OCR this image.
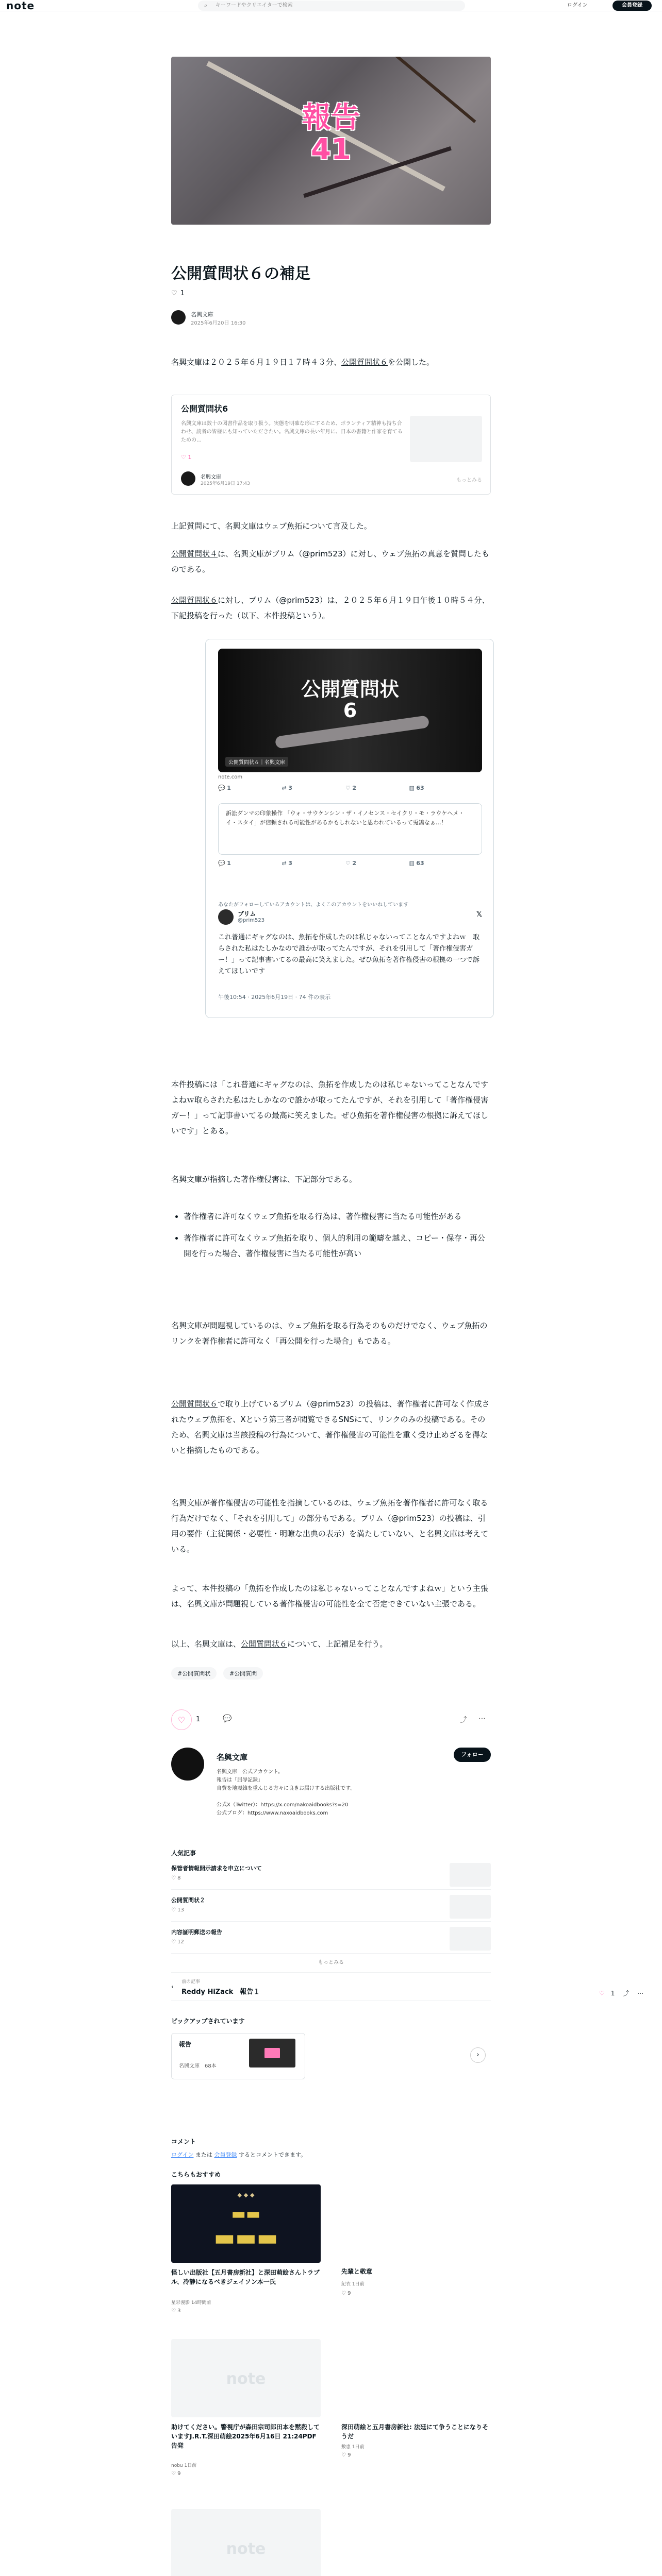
note	⌕ キーワードやクリエイターで検索	ログイン	会員登録
報告
41
公開質問状６の補足
♡ 1
名興文庫
2025年6月20日 16:30

名興文庫は２０２５年６月１９日１７時４３分、公開質問状６を公開した。

公開質問状6
名興文庫は数十の図書作品を取り扱う。実態を明確な形にするため、ボランティア精神も持ち合わせ、読者の皆様にも知っていただきたい。名興文庫の長い年月に、日本の書籍と作家を育てるための…
♡ 1
名興文庫
2025年6月19日 17:43
もっとみる

上記質問にて、名興文庫はウェブ魚拓について言及した。

公開質問状４は、名興文庫がブリム（@prim523）に対し、ウェブ魚拓の真意を質問したものである。

公開質問状６に対し、ブリム（@prim523）は、２０２５年６月１９日午後１０時５４分、下記投稿を行った（以下、本件投稿という）。

公開質問状
6
公開質問状６｜名興文庫
note.com
💬 1	⇄ 3	♡ 2	▥ 63
訴訟ダンマの印象操作 「ウォ・サウケンシン・ザ・イノセンス・セイクリ・モ・ラウケヘメ・イ・スタイ」が信頼される可能性があるかもしれないと思われているって兎鵠なぁ…！
💬 1	⇄ 3	♡ 2	▥ 63
あなたがフォローしているアカウントは、よくこのアカウントをいいねしています
ブリム
@prim523
𝕏
これ普通にギャグなのは、魚拓を作成したのは私じゃないってことなんですよねｗ　取らされた私はたしかなので誰かが取ってたんですが、それを引用して「著作権侵害ガー！」って記事書いてるの最高に笑えました。ぜひ魚拓を著作権侵害の根拠の一つで訴えてほしいです
午後10:54 · 2025年6月19日 · 74 件の表示

本件投稿には「これ普通にギャグなのは、魚拓を作成したのは私じゃないってことなんですよねｗ取らされた私はたしかなので誰かが取ってたんですが、それを引用して「著作権侵害ガー！」って記事書いてるの最高に笑えました。ぜひ魚拓を著作権侵害の根拠に訴えてほしいです」とある。

名興文庫が指摘した著作権侵害は、下記部分である。

• 著作権者に許可なくウェブ魚拓を取る行為は、著作権侵害に当たる可能性がある
• 著作権者に許可なくウェブ魚拓を取り、個人的利用の範疇を越え、コピー・保存・再公開を行った場合、著作権侵害に当たる可能性が高い

名興文庫が問題視しているのは、ウェブ魚拓を取る行為そのものだけでなく、ウェブ魚拓のリンクを著作権者に許可なく「再公開を行った場合」もである。

公開質問状６で取り上げているブリム（@prim523）の投稿は、著作権者に許可なく作成されたウェブ魚拓を、Xという第三者が閲覧できるSNSにて、リンクのみの投稿である。そのため、名興文庫は当該投稿の行為について、著作権侵害の可能性を重く受け止めざるを得ないと指摘したものである。

名興文庫が著作権侵害の可能性を指摘しているのは、ウェブ魚拓を著作権者に許可なく取る行為だけでなく、「それを引用して」の部分もである。ブリム（@prim523）の投稿は、引用の要件（主従関係・必要性・明瞭な出典の表示）を満たしていない、と名興文庫は考えている。

よって、本件投稿の「魚拓を作成したのは私じゃないってことなんですよねｗ」という主張は、名興文庫が問題視している著作権侵害の可能性を全て否定できていない主張である。

以上、名興文庫は、公開質問状６について、上記補足を行う。

#公開質問状	#公開質問
♡	1	💬	⤴ ⋯
名興文庫	フォロー
名興文庫　公式アカウント。
報告は「屈辱記録」
自費を地震雑を重んじる方々に良きお届けする出版社です。

公式X（Twitter）：https://x.com/nakoaidbooks?s=20
公式ブログ：https://www.naxoaidbooks.com
人気記事
保管者情報開示請求を申立について
♡ 8
公開質問状２
♡ 13
内容証明郵送の報告
♡ 12
もっとみる
‹
前の記事
Reddy HiZack　報告１
ピックアップされています
報告
名興文庫　68本
›
コメント
ログイン または 会員登録 するとコメントできます。
こちらもおすすめ
◆ ◆ ◆
▬▬
▬▬▬
怪しい出版社【五月書房新社】と深田萌絵さんトラブル、冷静になるべきジェイソン本一氏
星彩漫影 14時間前
♡ 3
先輩と敬意
紀衣 1日前
♡ 9
note
助けてください。警視庁が森田宗司郎田本を黙殺していますJ.R.T.深田萌絵2025年6月16日 21:24PDF告発
nobu 1日前
♡ 9
深田萌絵と五月書房新社: 法廷にて争うことになりそうだ
敷恵 1日前
♡ 9
note
♡ 1 ⤴ ⋯
